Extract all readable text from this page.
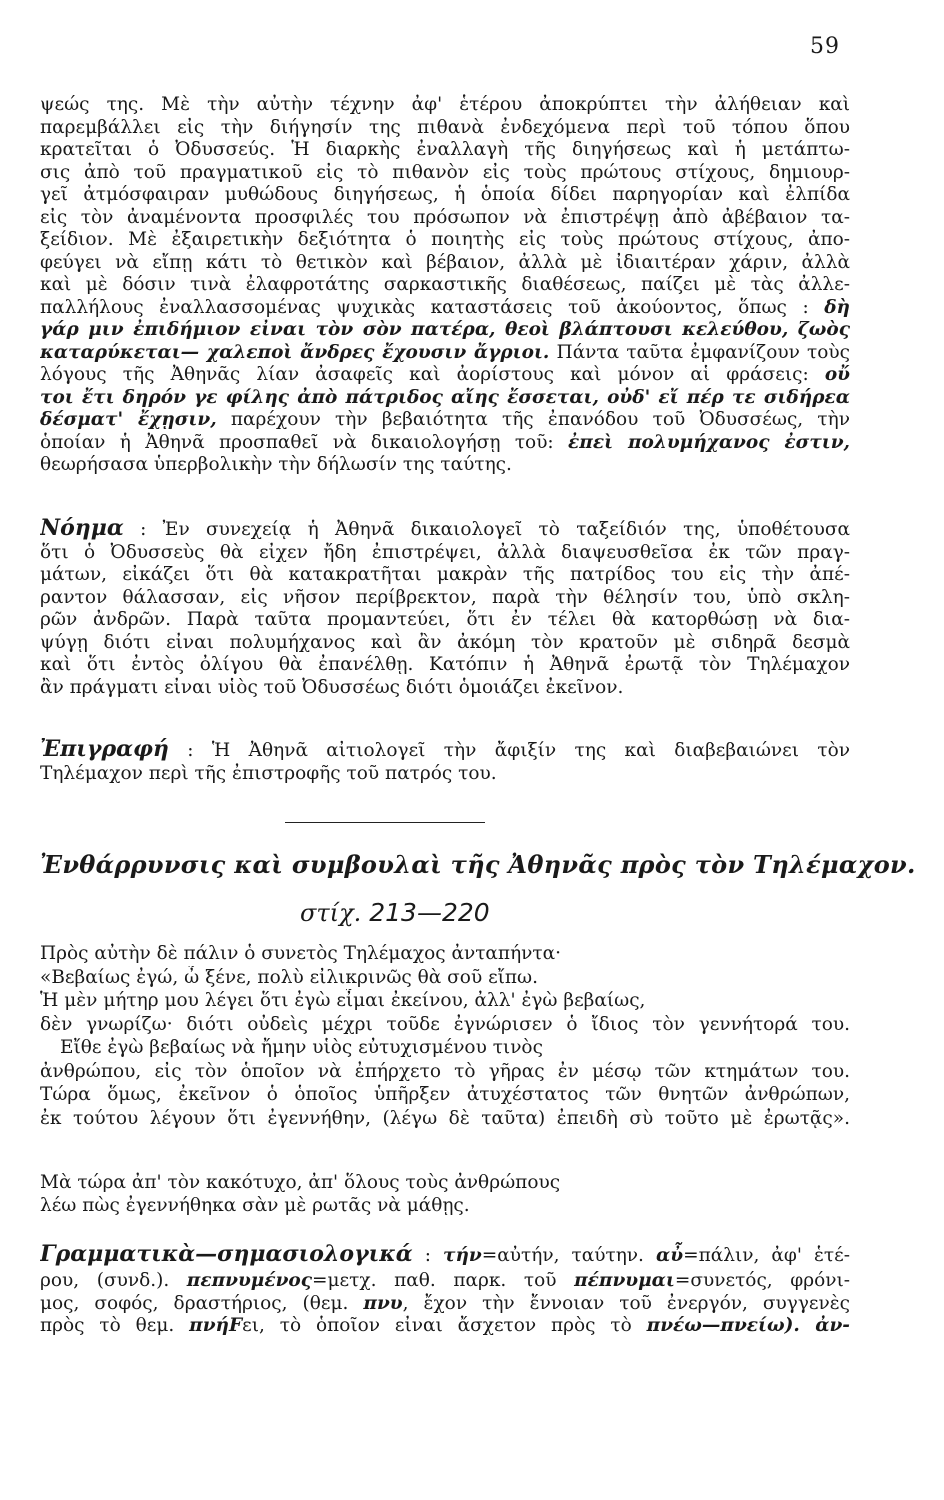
59
ψεώς της. Μὲ τὴν αὐτὴν τέχνην ἀφ' ἑτέρου ἀποκρύπτει τὴν ἀλήθειαν καὶ
παρεμβάλλει εἰς τὴν διήγησίν της πιθανὰ ἐνδεχόμενα περὶ τοῦ τόπου ὅπου
κρατεῖται ὁ Ὀδυσσεύς. Ἡ διαρκὴς ἐναλλαγὴ τῆς διηγήσεως καὶ ἡ μετάπτω-
σις ἀπὸ τοῦ πραγματικοῦ εἰς τὸ πιθανὸν εἰς τοὺς πρώτους στίχους, δημιουρ-
γεῖ ἀτμόσφαιραν μυθώδους διηγήσεως, ἡ ὁποία δίδει παρηγορίαν καὶ ἐλπίδα
εἰς τὸν ἀναμένοντα προσφιλές του πρόσωπον νὰ ἐπιστρέψῃ ἀπὸ ἀβέβαιον τα-
ξείδιον. Μὲ ἐξαιρετικὴν δεξιότητα ὁ ποιητὴς εἰς τοὺς πρώτους στίχους, ἀπο-
φεύγει νὰ εἴπῃ κάτι τὸ θετικὸν καὶ βέβαιον, ἀλλὰ μὲ ἰδιαιτέραν χάριν, ἀλλὰ
καὶ μὲ δόσιν τινὰ ἐλαφροτάτης σαρκαστικῆς διαθέσεως, παίζει μὲ τὰς ἀλλε-
παλλήλους ἐναλλασσομένας ψυχικὰς καταστάσεις τοῦ ἀκούοντος, ὅπως : δὴ
γάρ μιν ἐπιδήμιον εἶναι τὸν σὸν πατέρα, θεοὶ βλάπτουσι κελεύθου, ζωὸς
καταρύκεται— χαλεποὶ ἄνδρες ἔχουσιν ἄγριοι. Πάντα ταῦτα ἐμφανίζουν τοὺς
λόγους τῆς Ἀθηνᾶς λίαν ἀσαφεῖς καὶ ἀορίστους καὶ μόνον αἱ φράσεις: οὔ
τοι ἔτι δηρόν γε φίλης ἀπὸ πάτριδος αἴης ἔσσεται, οὐδ' εἴ πέρ τε σιδήρεα
δέσματ' ἔχῃσιν, παρέχουν τὴν βεβαιότητα τῆς ἐπανόδου τοῦ Ὀδυσσέως, τὴν
ὁποίαν ἡ Ἀθηνᾶ προσπαθεῖ νὰ δικαιολογήσῃ τοῦ: ἐπεὶ πολυμήχανος ἐστιν,
θεωρήσασα ὑπερβολικὴν τὴν δήλωσίν της ταύτης.
Νόημα : Ἐν συνεχείᾳ ἡ Ἀθηνᾶ δικαιολογεῖ τὸ ταξείδιόν της, ὑποθέτουσα
ὅτι ὁ Ὀδυσσεὺς θὰ εἶχεν ἤδη ἐπιστρέψει, ἀλλὰ διαψευσθεῖσα ἐκ τῶν πραγ-
μάτων, εἰκάζει ὅτι θὰ κατακρατῆται μακρὰν τῆς πατρίδος του εἰς τὴν ἀπέ-
ραντον θάλασσαν, εἰς νῆσον περίβρεκτον, παρὰ τὴν θέλησίν του, ὑπὸ σκλη-
ρῶν ἀνδρῶν. Παρὰ ταῦτα προμαντεύει, ὅτι ἐν τέλει θὰ κατορθώσῃ νὰ δια-
ψύγῃ διότι εἶναι πολυμήχανος καὶ ἂν ἀκόμη τὸν κρατοῦν μὲ σιδηρᾶ δεσμὰ
καὶ ὅτι ἐντὸς ὀλίγου θὰ ἐπανέλθῃ. Κατόπιν ἡ Ἀθηνᾶ ἐρωτᾷ τὸν Τηλέμαχον
ἂν πράγματι εἶναι υἱὸς τοῦ Ὀδυσσέως διότι ὁμοιάζει ἐκεῖνον.
Ἐπιγραφή : Ἡ Ἀθηνᾶ αἰτιολογεῖ τὴν ἄφιξίν της καὶ διαβεβαιώνει τὸν
Τηλέμαχον περὶ τῆς ἐπιστροφῆς τοῦ πατρός του.
Ἐνθάρρυνσις καὶ συμβουλαὶ τῆς Ἀθηνᾶς πρὸς τὸν Τηλέμαχον.
στίχ. 213—220
Πρὸς αὐτὴν δὲ πάλιν ὁ συνετὸς Τηλέμαχος ἀνταπήντα·
«Βεβαίως ἐγώ, ὦ ξένε, πολὺ εἰλικρινῶς θὰ σοῦ εἴπω.
Ἡ μὲν μήτηρ μου λέγει ὅτι ἐγὼ εἶμαι ἐκείνου, ἀλλ' ἐγὼ βεβαίως,
δὲν γνωρίζω· διότι οὐδεὶς μέχρι τοῦδε ἐγνώρισεν ὁ ἴδιος τὸν γεννήτορά του.
Εἴθε ἐγὼ βεβαίως νὰ ἤμην υἱὸς εὐτυχισμένου τινὸς
ἀνθρώπου, εἰς τὸν ὁποῖον νὰ ἐπήρχετο τὸ γῆρας ἐν μέσῳ τῶν κτημάτων του.
Τώρα ὅμως, ἐκεῖνον ὁ ὁποῖος ὑπῆρξεν ἀτυχέστατος τῶν θνητῶν ἀνθρώπων,
ἐκ τούτου λέγουν ὅτι ἐγεννήθην, (λέγω δὲ ταῦτα) ἐπειδὴ σὺ τοῦτο μὲ ἐρωτᾷς».
Μὰ τώρα ἀπ' τὸν κακότυχο, ἀπ' ὅλους τοὺς ἀνθρώπους
λέω πὼς ἐγεννήθηκα σὰν μὲ ρωτᾶς νὰ μάθῃς.
Γραμματικὰ—σημασιολογικά : τήν=αὐτήν, ταύτην. αὖ=πάλιν, ἀφ' ἑτέ-
ρου, (συνδ.). πεπνυμένος=μετχ. παθ. παρκ. τοῦ πέπνυμαι=συνετός, φρόνι-
μος, σοφός, δραστήριος, (θεμ. πνυ, ἔχον τὴν ἔννοιαν τοῦ ἐνεργόν, συγγενὲς
πρὸς τὸ θεμ. πνήFει, τὸ ὁποῖον εἶναι ἄσχετον πρὸς τὸ πνέω—πνείω). ἀν-
